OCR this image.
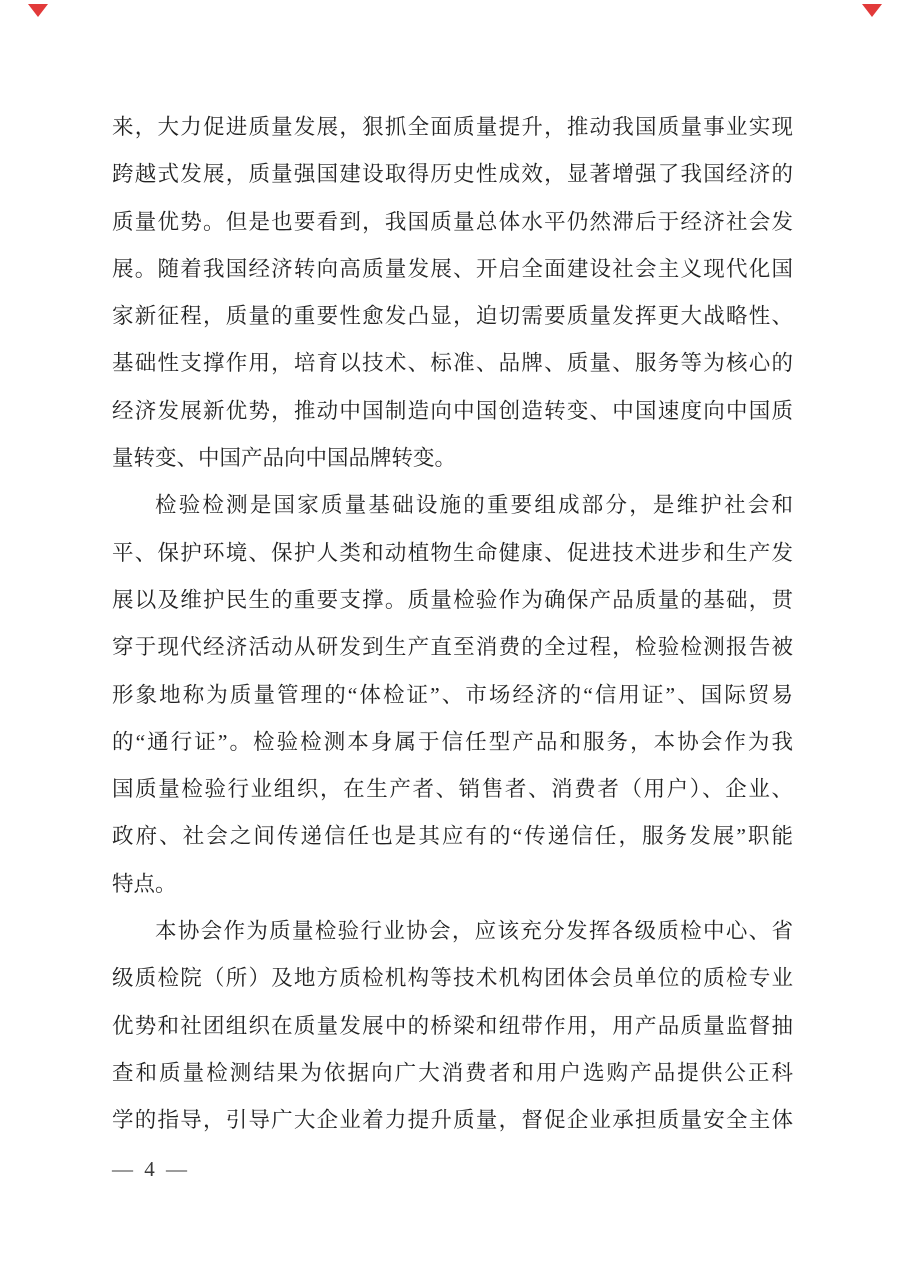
来，大力促进质量发展，狠抓全面质量提升，推动我国质量事业实现
跨越式发展，质量强国建设取得历史性成效，显著增强了我国经济的
质量优势。但是也要看到，我国质量总体水平仍然滞后于经济社会发
展。随着我国经济转向高质量发展、开启全面建设社会主义现代化国
家新征程，质量的重要性愈发凸显，迫切需要质量发挥更大战略性、
基础性支撑作用，培育以技术、标准、品牌、质量、服务等为核心的
经济发展新优势，推动中国制造向中国创造转变、中国速度向中国质
量转变、中国产品向中国品牌转变。
检验检测是国家质量基础设施的重要组成部分，是维护社会和
平、保护环境、保护人类和动植物生命健康、促进技术进步和生产发
展以及维护民生的重要支撑。质量检验作为确保产品质量的基础，贯
穿于现代经济活动从研发到生产直至消费的全过程，检验检测报告被
形象地称为质量管理的“体检证”、市场经济的“信用证”、国际贸易
的“通行证”。检验检测本身属于信任型产品和服务，本协会作为我
国质量检验行业组织，在生产者、销售者、消费者（用户）、企业、
政府、社会之间传递信任也是其应有的“传递信任，服务发展”职能
特点。
本协会作为质量检验行业协会，应该充分发挥各级质检中心、省
级质检院（所）及地方质检机构等技术机构团体会员单位的质检专业
优势和社团组织在质量发展中的桥梁和纽带作用，用产品质量监督抽
查和质量检测结果为依据向广大消费者和用户选购产品提供公正科
学的指导，引导广大企业着力提升质量，督促企业承担质量安全主体
— 4 —
